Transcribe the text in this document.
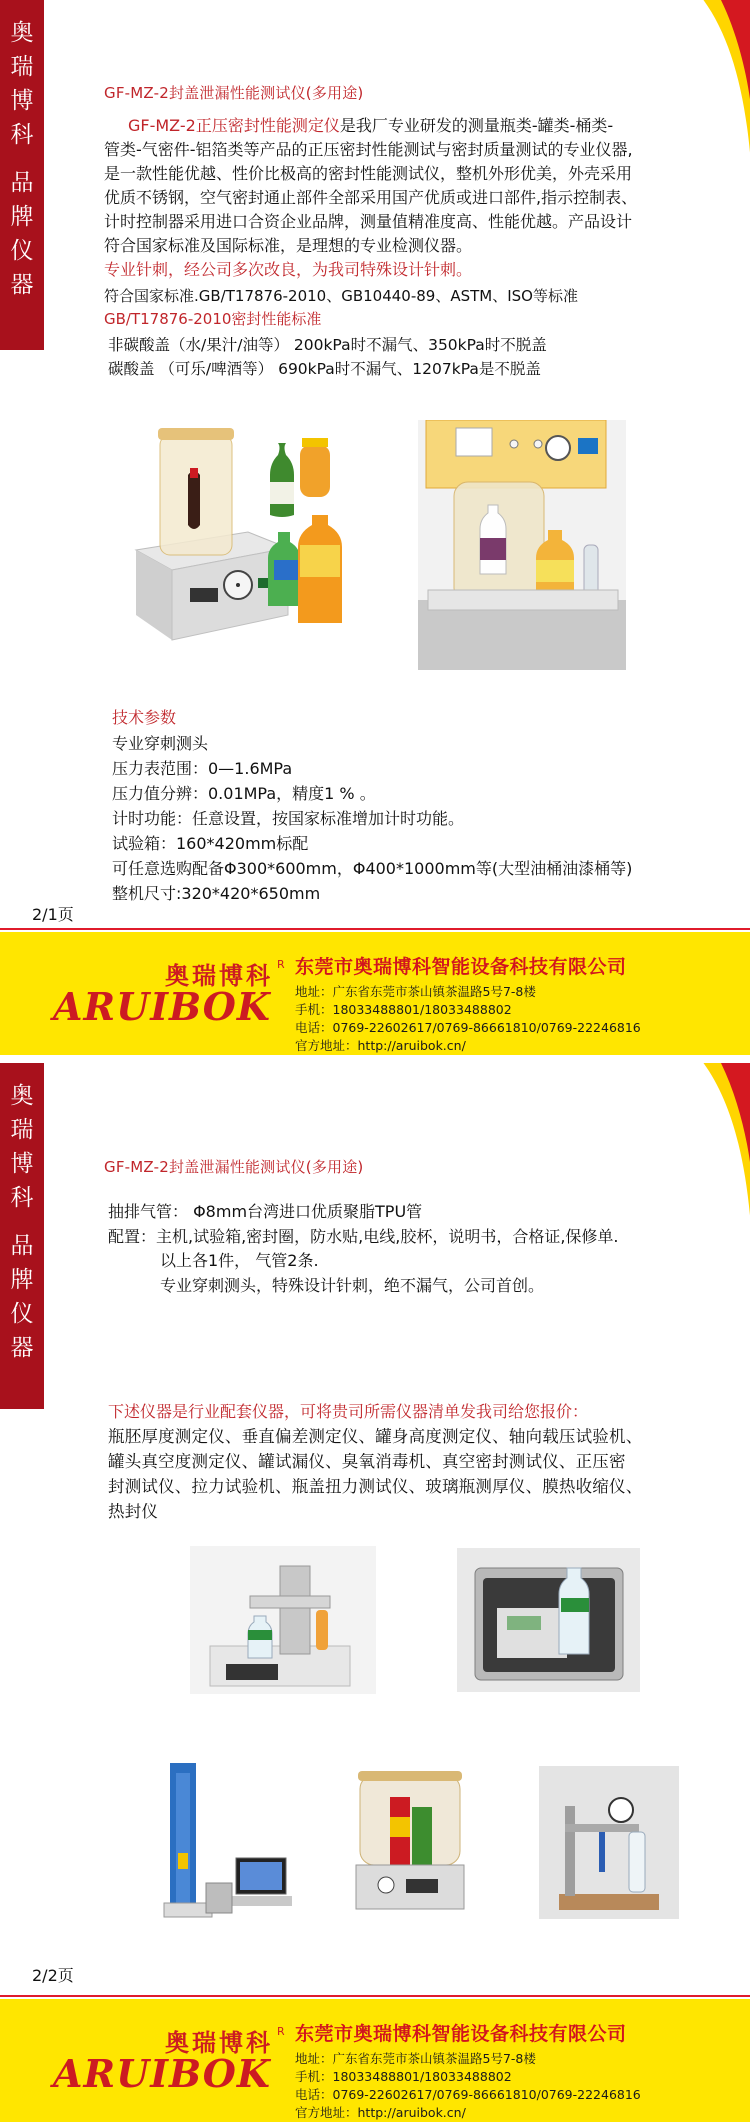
奥
瑞
博
科
品
牌
仪
器
GF-MZ-2封盖泄漏性能测试仪(多用途)
GF-MZ-2正压密封性能测定仪是我厂专业研发的测量瓶类-罐类-桶类-
管类-气密件-铝箔类等产品的正压密封性能测试与密封质量测试的专业仪器,
是一款性能优越、性价比极高的密封性能测试仪，整机外形优美，外壳采用
优质不锈钢，空气密封通止部件全部采用国产优质或进口部件,指示控制表、
计时控制器采用进口合资企业品牌，测量值精准度高、性能优越。产品设计
符合国家标准及国际标准，是理想的专业检测仪器。
专业针刺，经公司多次改良，为我司特殊设计针刺。
符合国家标准.GB/T17876-2010、GB10440-89、ASTM、ISO等标准
GB/T17876-2010密封性能标准
非碳酸盖（水/果汁/油等） 200kPa时不漏气、350kPa时不脱盖
碳酸盖 （可乐/啤酒等） 690kPa时不漏气、1207kPa是不脱盖
技术参数
专业穿刺测头
压力表范围：0—1.6MPa
压力值分辨：0.01MPa，精度1 % 。
计时功能：任意设置，按国家标准增加计时功能。
试验箱：160*420mm标配
可任意选购配备Φ300*600mm，Φ400*1000mm等(大型油桶油漆桶等)
整机尺寸:320*420*650mm
2/1页
奥瑞博科 R
ARUIBOK
东莞市奥瑞博科智能设备科技有限公司
地址：广东省东莞市茶山镇茶温路5号7-8楼
手机：18033488801/18033488802
电话：0769-22602617/0769-86661810/0769-22246816
官方地址：http://aruibok.cn/
奥
瑞
博
科
品
牌
仪
器
GF-MZ-2封盖泄漏性能测试仪(多用途)
抽排气管： Φ8mm台湾进口优质聚脂TPU管
配置：主机,试验箱,密封圈，防水贴,电线,胶杯，说明书，合格证,保修单.
以上各1件， 气管2条.
专业穿刺测头，特殊设计针刺，绝不漏气，公司首创。
下述仪器是行业配套仪器，可将贵司所需仪器清单发我司给您报价：
瓶胚厚度测定仪、垂直偏差测定仪、罐身高度测定仪、轴向载压试验机、
罐头真空度测定仪、罐试漏仪、臭氧消毒机、真空密封测试仪、正压密
封测试仪、拉力试验机、瓶盖扭力测试仪、玻璃瓶测厚仪、膜热收缩仪、
热封仪
2/2页
奥瑞博科 R
ARUIBOK
东莞市奥瑞博科智能设备科技有限公司
地址：广东省东莞市茶山镇茶温路5号7-8楼
手机：18033488801/18033488802
电话：0769-22602617/0769-86661810/0769-22246816
官方地址：http://aruibok.cn/
